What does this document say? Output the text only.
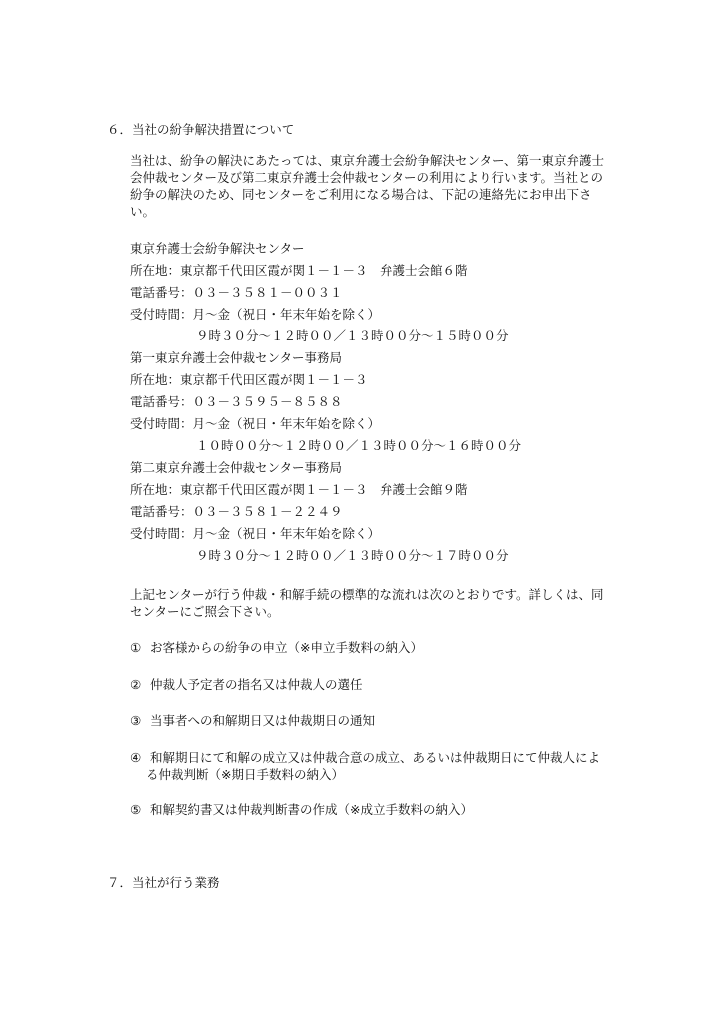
６．当社の紛争解決措置について
当社は、紛争の解決にあたっては、東京弁護士会紛争解決センター、第一東京弁護士
会仲裁センター及び第二東京弁護士会仲裁センターの利用により行います。当社との
紛争の解決のため、同センターをご利用になる場合は、下記の連絡先にお申出下さ
い。
東京弁護士会紛争解決センター
所在地：東京都千代田区霞が関１－１－３　弁護士会館６階
電話番号：０３－３５８１－００３１
受付時間：月～金（祝日・年末年始を除く）
９時３０分～１２時００／１３時００分～１５時００分
第一東京弁護士会仲裁センター事務局
所在地：東京都千代田区霞が関１－１－３
電話番号：０３－３５９５－８５８８
受付時間：月～金（祝日・年末年始を除く）
１０時００分～１２時００／１３時００分～１６時００分
第二東京弁護士会仲裁センター事務局
所在地：東京都千代田区霞が関１－１－３　弁護士会館９階
電話番号：０３－３５８１－２２４９
受付時間：月～金（祝日・年末年始を除く）
９時３０分～１２時００／１３時００分～１７時００分
上記センターが行う仲裁・和解手続の標準的な流れは次のとおりです。詳しくは、同
センターにご照会下さい。
① お客様からの紛争の申立（※申立手数料の納入）
② 仲裁人予定者の指名又は仲裁人の選任
③ 当事者への和解期日又は仲裁期日の通知
④ 和解期日にて和解の成立又は仲裁合意の成立、あるいは仲裁期日にて仲裁人によ
る仲裁判断（※期日手数料の納入）
⑤ 和解契約書又は仲裁判断書の作成（※成立手数料の納入）
７．当社が行う業務
